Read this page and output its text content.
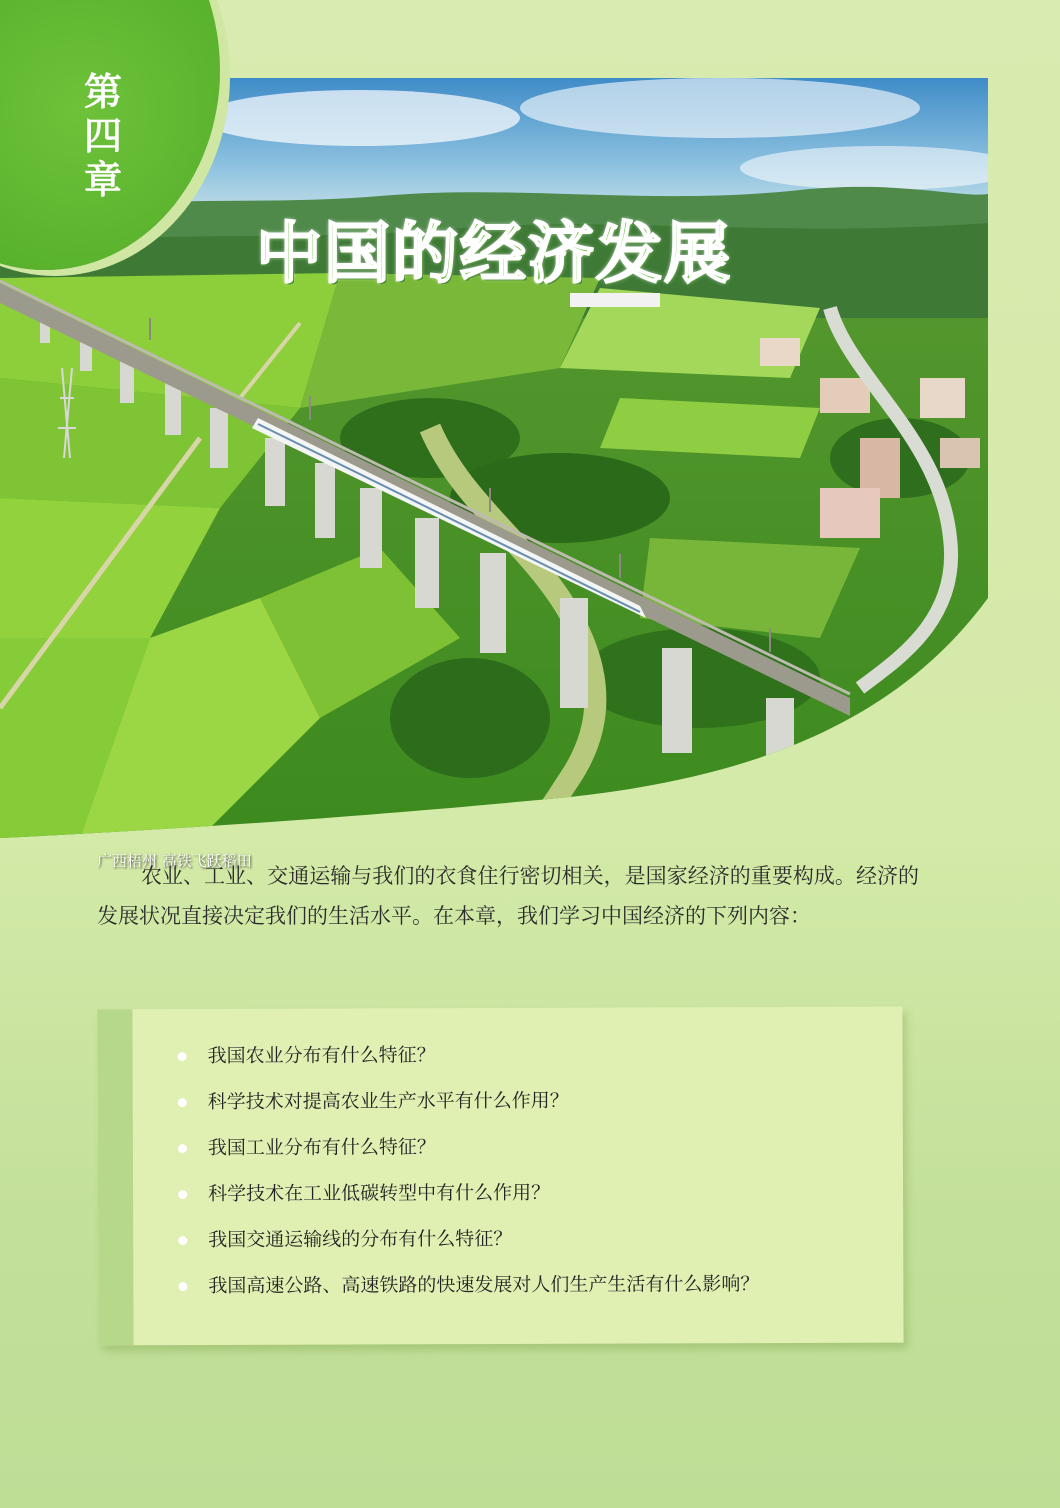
中国的经济发展
广西梧州 高铁飞跃稻田
第四章

农业、工业、交通运输与我们的衣食住行密切相关，是国家经济的重要构成。经济的发展状况直接决定我们的生活水平。在本章，我们学习中国经济的下列内容：

我国农业分布有什么特征？
科学技术对提高农业生产水平有什么作用？
我国工业分布有什么特征？
科学技术在工业低碳转型中有什么作用？
我国交通运输线的分布有什么特征？
我国高速公路、高速铁路的快速发展对人们生产生活有什么影响？
